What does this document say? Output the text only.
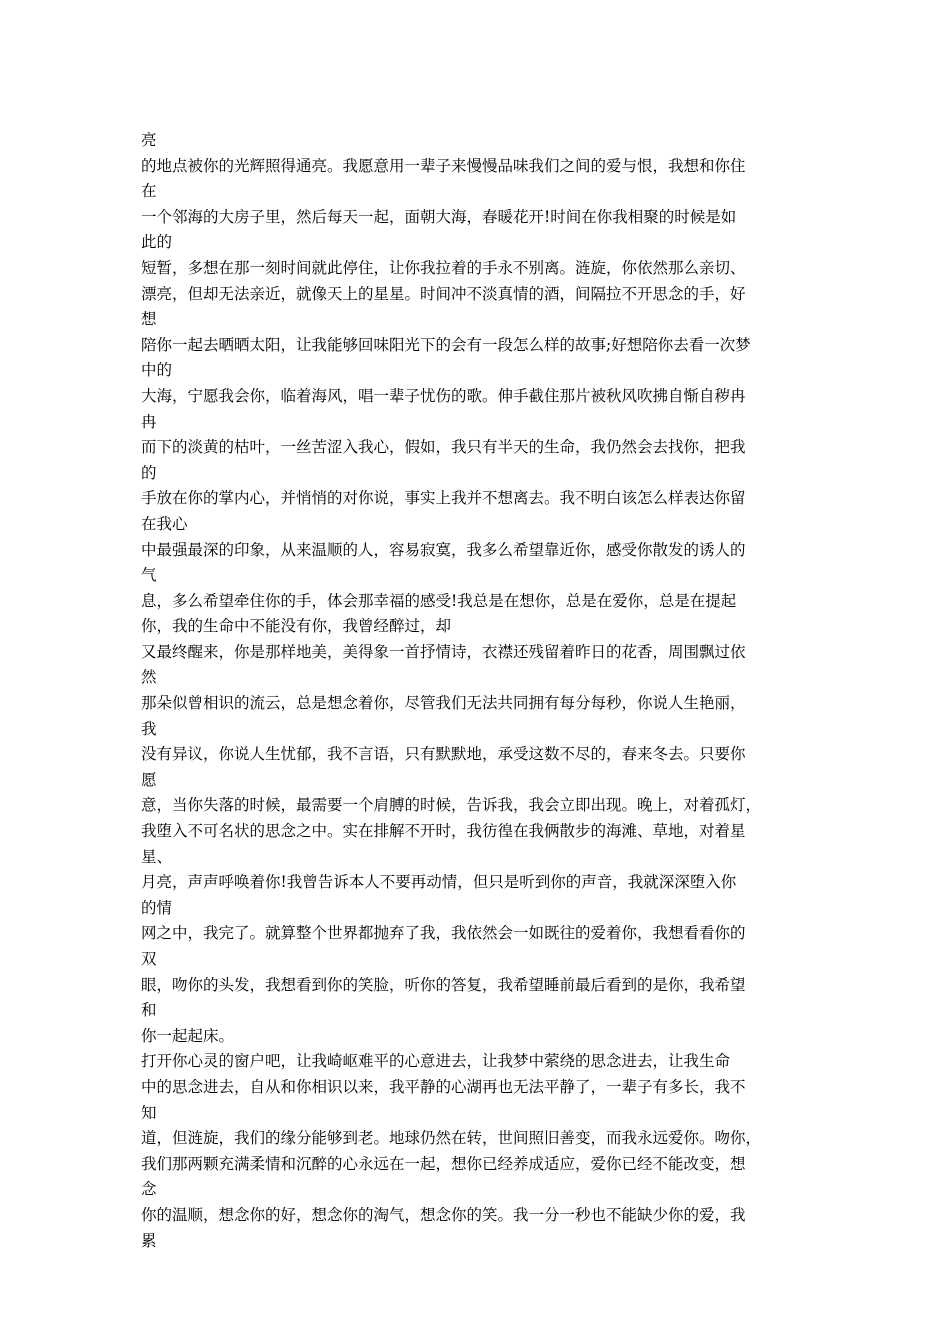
亮
的地点被你的光辉照得通亮。我愿意用一辈子来慢慢品味我们之间的爱与恨，我想和你住
在
一个邻海的大房子里，然后每天一起，面朝大海，春暖花开!时间在你我相聚的时候是如
此的
短暂，多想在那一刻时间就此停住，让你我拉着的手永不别离。涟旋，你依然那么亲切、
漂亮，但却无法亲近，就像天上的星星。时间冲不淡真情的酒，间隔拉不开思念的手，好
想
陪你一起去晒晒太阳，让我能够回味阳光下的会有一段怎么样的故事;好想陪你去看一次梦
中的
大海，宁愿我会你，临着海风，唱一辈子忧伤的歌。伸手截住那片被秋风吹拂自惭自秽冉
冉
而下的淡黄的枯叶，一丝苦涩入我心，假如，我只有半天的生命，我仍然会去找你，把我
的
手放在你的掌内心，并悄悄的对你说，事实上我并不想离去。我不明白该怎么样表达你留
在我心
中最强最深的印象，从来温顺的人，容易寂寞，我多么希望靠近你，感受你散发的诱人的
气
息，多么希望牵住你的手，体会那幸福的感受!我总是在想你，总是在爱你，总是在提起
你，我的生命中不能没有你，我曾经醉过，却
又最终醒来，你是那样地美，美得象一首抒情诗，衣襟还残留着昨日的花香，周围飘过依
然
那朵似曾相识的流云，总是想念着你，尽管我们无法共同拥有每分每秒，你说人生艳丽，
我
没有异议，你说人生忧郁，我不言语，只有默默地，承受这数不尽的，春来冬去。只要你
愿
意，当你失落的时候，最需要一个肩膊的时候，告诉我，我会立即出现。晚上，对着孤灯，
我堕入不可名状的思念之中。实在排解不开时，我彷徨在我俩散步的海滩、草地，对着星
星、
月亮，声声呼唤着你!我曾告诉本人不要再动情，但只是听到你的声音，我就深深堕入你
的情
网之中，我完了。就算整个世界都抛弃了我，我依然会一如既往的爱着你，我想看看你的
双
眼，吻你的头发，我想看到你的笑脸，听你的答复，我希望睡前最后看到的是你，我希望
和
你一起起床。
打开你心灵的窗户吧，让我崎岖难平的心意进去，让我梦中萦绕的思念进去，让我生命
中的思念进去，自从和你相识以来，我平静的心湖再也无法平静了，一辈子有多长，我不
知
道，但涟旋，我们的缘分能够到老。地球仍然在转，世间照旧善变，而我永远爱你。吻你，
我们那两颗充满柔情和沉醉的心永远在一起，想你已经养成适应，爱你已经不能改变，想
念
你的温顺，想念你的好，想念你的淘气，想念你的笑。我一分一秒也不能缺少你的爱，我
累
